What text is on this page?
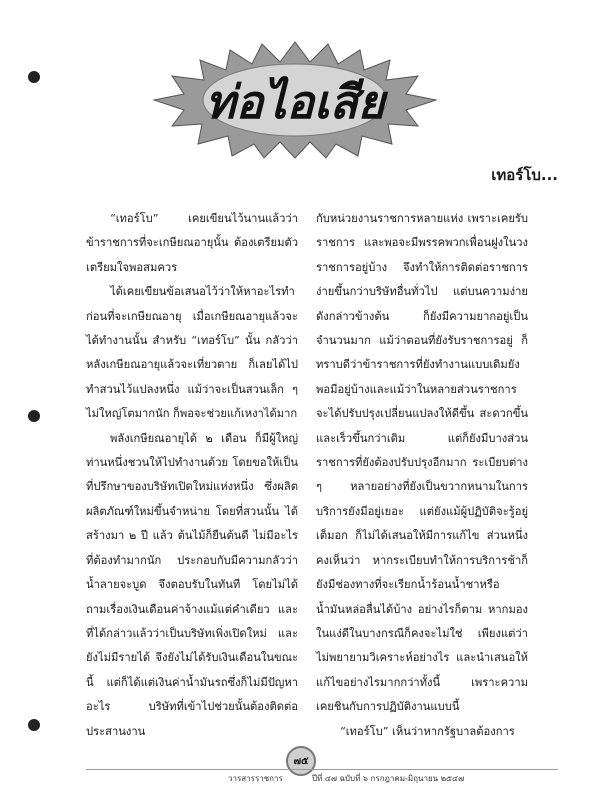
ท่อไอเสีย
เทอร์โบ...

“เทอร์โบ” เคยเขียนไว้นานแล้วว่า ข้าราชการที่จะเกษียณอายุนั้น ต้องเตรียมตัวเตรียมใจพอสมควร

ได้เคยเขียนข้อเสนอไว้ว่าให้หาอะไรทำก่อนที่จะเกษียณอายุ เมื่อเกษียณอายุแล้วจะได้ทำงานนั้น สำหรับ “เทอร์โบ” นั้น กลัวว่าหลังเกษียณอายุแล้วจะเที่ยวตาย ก็เลยได้ไปทำสวนไว้แปลงหนึ่ง แม้ว่าจะเป็นสวนเล็ก ๆ ไม่ใหญ่โตมากนัก ก็พอจะช่วยแก้เหงาได้มาก

พลังเกษียณอายุได้ ๒ เดือน ก็มีผู้ใหญ่ท่านหนึ่งชวนให้ไปทำงานด้วย โดยขอให้เป็นที่ปรึกษาของบริษัทเปิดใหม่แห่งหนึ่ง ซึ่งผลิตผลิตภัณฑ์ใหม่ขึ้นจำหน่าย โดยที่สวนนั้น ได้สร้างมา ๒ ปี แล้ว ต้นไม้ก็ยืนต้นดี ไม่มีอะไรที่ต้องทำมากนัก ประกอบกับมีความกลัวว่าน้ำลายจะบูด จึงตอบรับในทันที โดยไม่ได้ถามเรื่องเงินเดือนค่าจ้างแม้แต่คำเดียว และที่ได้กล่าวแล้วว่าเป็นบริษัทเพิ่งเปิดใหม่ และยังไม่มีรายได้ จึงยังไม่ได้รับเงินเดือนในขณะนี้ แต่ก็ได้แต่เงินค่าน้ำมันรถซึ่งก็ไม่มีปัญหาอะไร บริษัทที่เข้าไปช่วยนั้นต้องติดต่อประสานงาน

กับหน่วยงานราชการหลายแห่ง เพราะเคยรับราชการ และพอจะมีพรรคพวกเพื่อนฝูงในวงราชการอยู่บ้าง จึงทำให้การติดต่อราชการง่ายขึ้นกว่าบริษัทอื่นทั่วไป แต่บนความง่ายดังกล่าวข้างต้น ก็ยังมีความยากอยู่เป็นจำนวนมาก แม้ว่าตอนที่ยังรับราชการอยู่ ก็ทราบดีว่าข้าราชการที่ยังทำงานแบบเดิมยังพอมีอยู่บ้างและแม้ว่าในหลายส่วนราชการจะได้ปรับปรุงเปลี่ยนแปลงให้ดีขึ้น สะดวกขึ้น และเร็วขึ้นกว่าเดิม แต่ก็ยังมีบางส่วนราชการที่ยังต้องปรับปรุงอีกมาก ระเบียบต่าง ๆ หลายอย่างที่ยังเป็นขวากหนามในการบริการยังมีอยู่เยอะ แต่ยังแม้ผู้ปฏิบัติจะรู้อยู่เต็มอก ก็ไม่ได้เสนอให้มีการแก้ไข ส่วนหนึ่งคงเห็นว่า หากระเบียบทำให้การบริการช้าก็ยังมีช่องทางที่จะเรียกน้ำร้อนน้ำชาหรือน้ำมันหล่อลื่นได้บ้าง อย่างไรก็ตาม หากมองในแง่ดีในบางกรณีก็คงจะไม่ใช่ เพียงแต่ว่าไม่พยายามวิเคราะห์อย่างไร และนำเสนอให้แก้ไขอย่างไรมากกว่าทั้งนี้ เพราะความเคยชินกับการปฏิบัติงานแบบนี้

“เทอร์โบ” เห็นว่าหากรัฐบาลต้องการ

๗๕
วารสารราชการ	ปีที่ ๔๗ ฉบับที่ ๖ กรกฎาคม-มิถุนายน ๒๕๔๗
